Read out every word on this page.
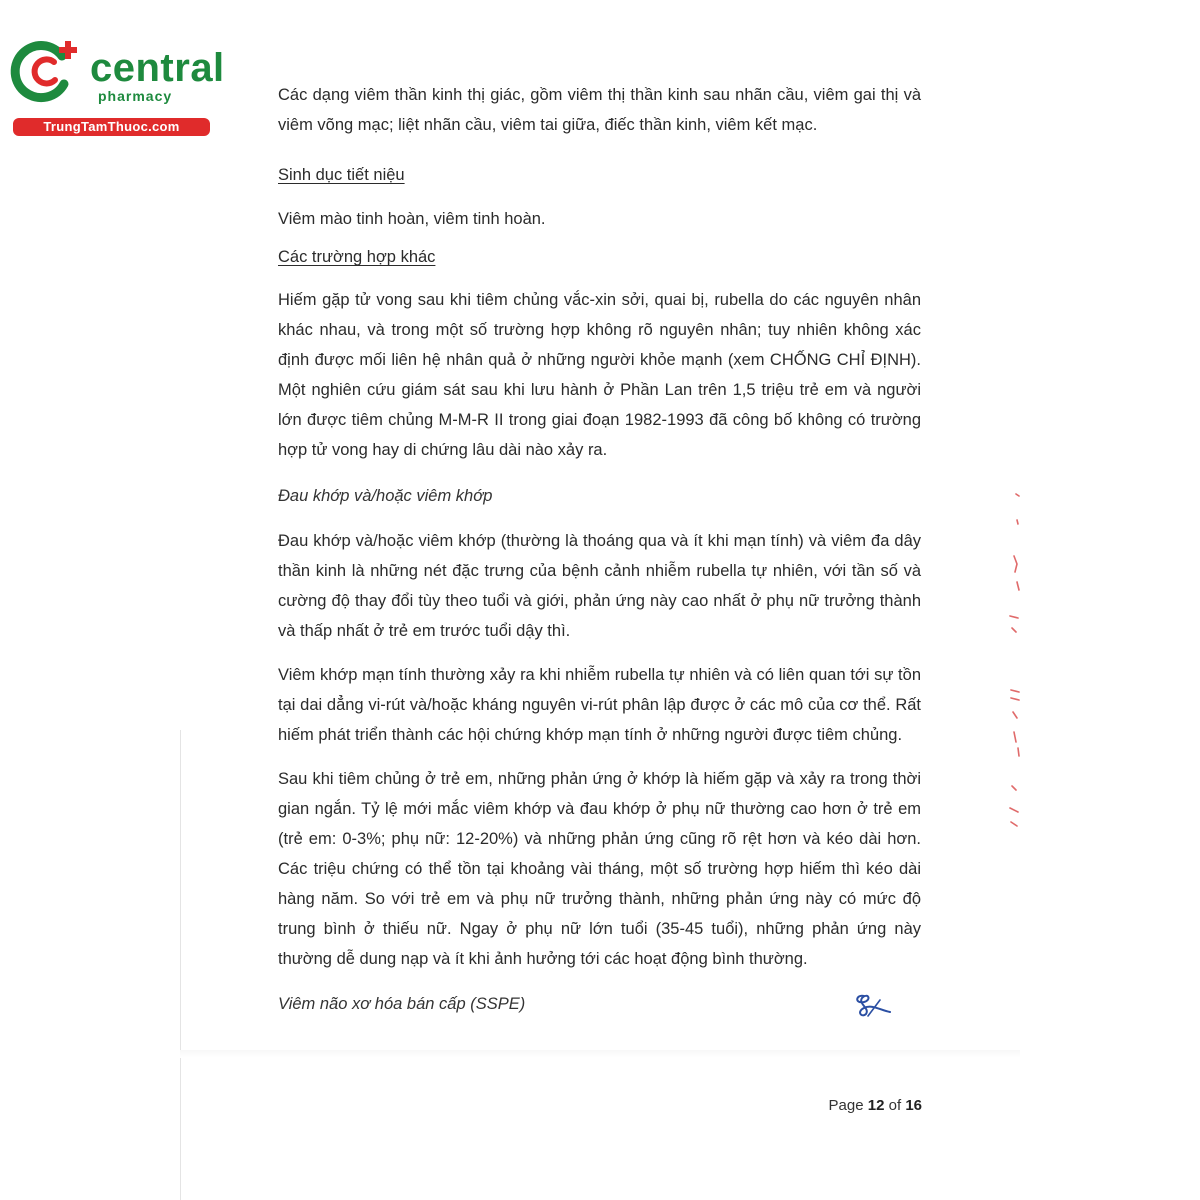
central

pharmacy

TrungTamThuoc.com

Các dạng viêm thần kinh thị giác, gồm viêm thị thần kinh sau nhãn cầu, viêm gai thị và viêm võng mạc; liệt nhãn cầu, viêm tai giữa, điếc thần kinh, viêm kết mạc.

Sinh dục tiết niệu

Viêm mào tinh hoàn, viêm tinh hoàn.

Các trường hợp khác

Hiếm gặp tử vong sau khi tiêm chủng vắc-xin sởi, quai bị, rubella do các nguyên nhân khác nhau, và trong một số trường hợp không rõ nguyên nhân; tuy nhiên không xác định được mối liên hệ nhân quả ở những người khỏe mạnh (xem CHỐNG CHỈ ĐỊNH). Một nghiên cứu giám sát sau khi lưu hành ở Phần Lan trên 1,5 triệu trẻ em và người lớn được tiêm chủng M-M-R II trong giai đoạn 1982-1993 đã công bố không có trường hợp tử vong hay di chứng lâu dài nào xảy ra.

Đau khớp và/hoặc viêm khớp

Đau khớp và/hoặc viêm khớp (thường là thoáng qua và ít khi mạn tính) và viêm đa dây thần kinh là những nét đặc trưng của bệnh cảnh nhiễm rubella tự nhiên, với tần số và cường độ thay đổi tùy theo tuổi và giới, phản ứng này cao nhất ở phụ nữ trưởng thành và thấp nhất ở trẻ em trước tuổi dậy thì.

Viêm khớp mạn tính thường xảy ra khi nhiễm rubella tự nhiên và có liên quan tới sự tồn tại dai dẳng vi-rút và/hoặc kháng nguyên vi-rút phân lập được ở các mô của cơ thể. Rất hiếm phát triển thành các hội chứng khớp mạn tính ở những người được tiêm chủng.

Sau khi tiêm chủng ở trẻ em, những phản ứng ở khớp là hiếm gặp và xảy ra trong thời gian ngắn. Tỷ lệ mới mắc viêm khớp và đau khớp ở phụ nữ thường cao hơn ở trẻ em (trẻ em: 0-3%; phụ nữ: 12-20%) và những phản ứng cũng rõ rệt hơn và kéo dài hơn. Các triệu chứng có thể tồn tại khoảng vài tháng, một số trường hợp hiếm thì kéo dài hàng năm. So với trẻ em và phụ nữ trưởng thành, những phản ứng này có mức độ trung bình ở thiếu nữ. Ngay ở phụ nữ lớn tuổi (35-45 tuổi), những phản ứng này thường dễ dung nạp và ít khi ảnh hưởng tới các hoạt động bình thường.

Viêm não xơ hóa bán cấp (SSPE)

Page 12 of 16
